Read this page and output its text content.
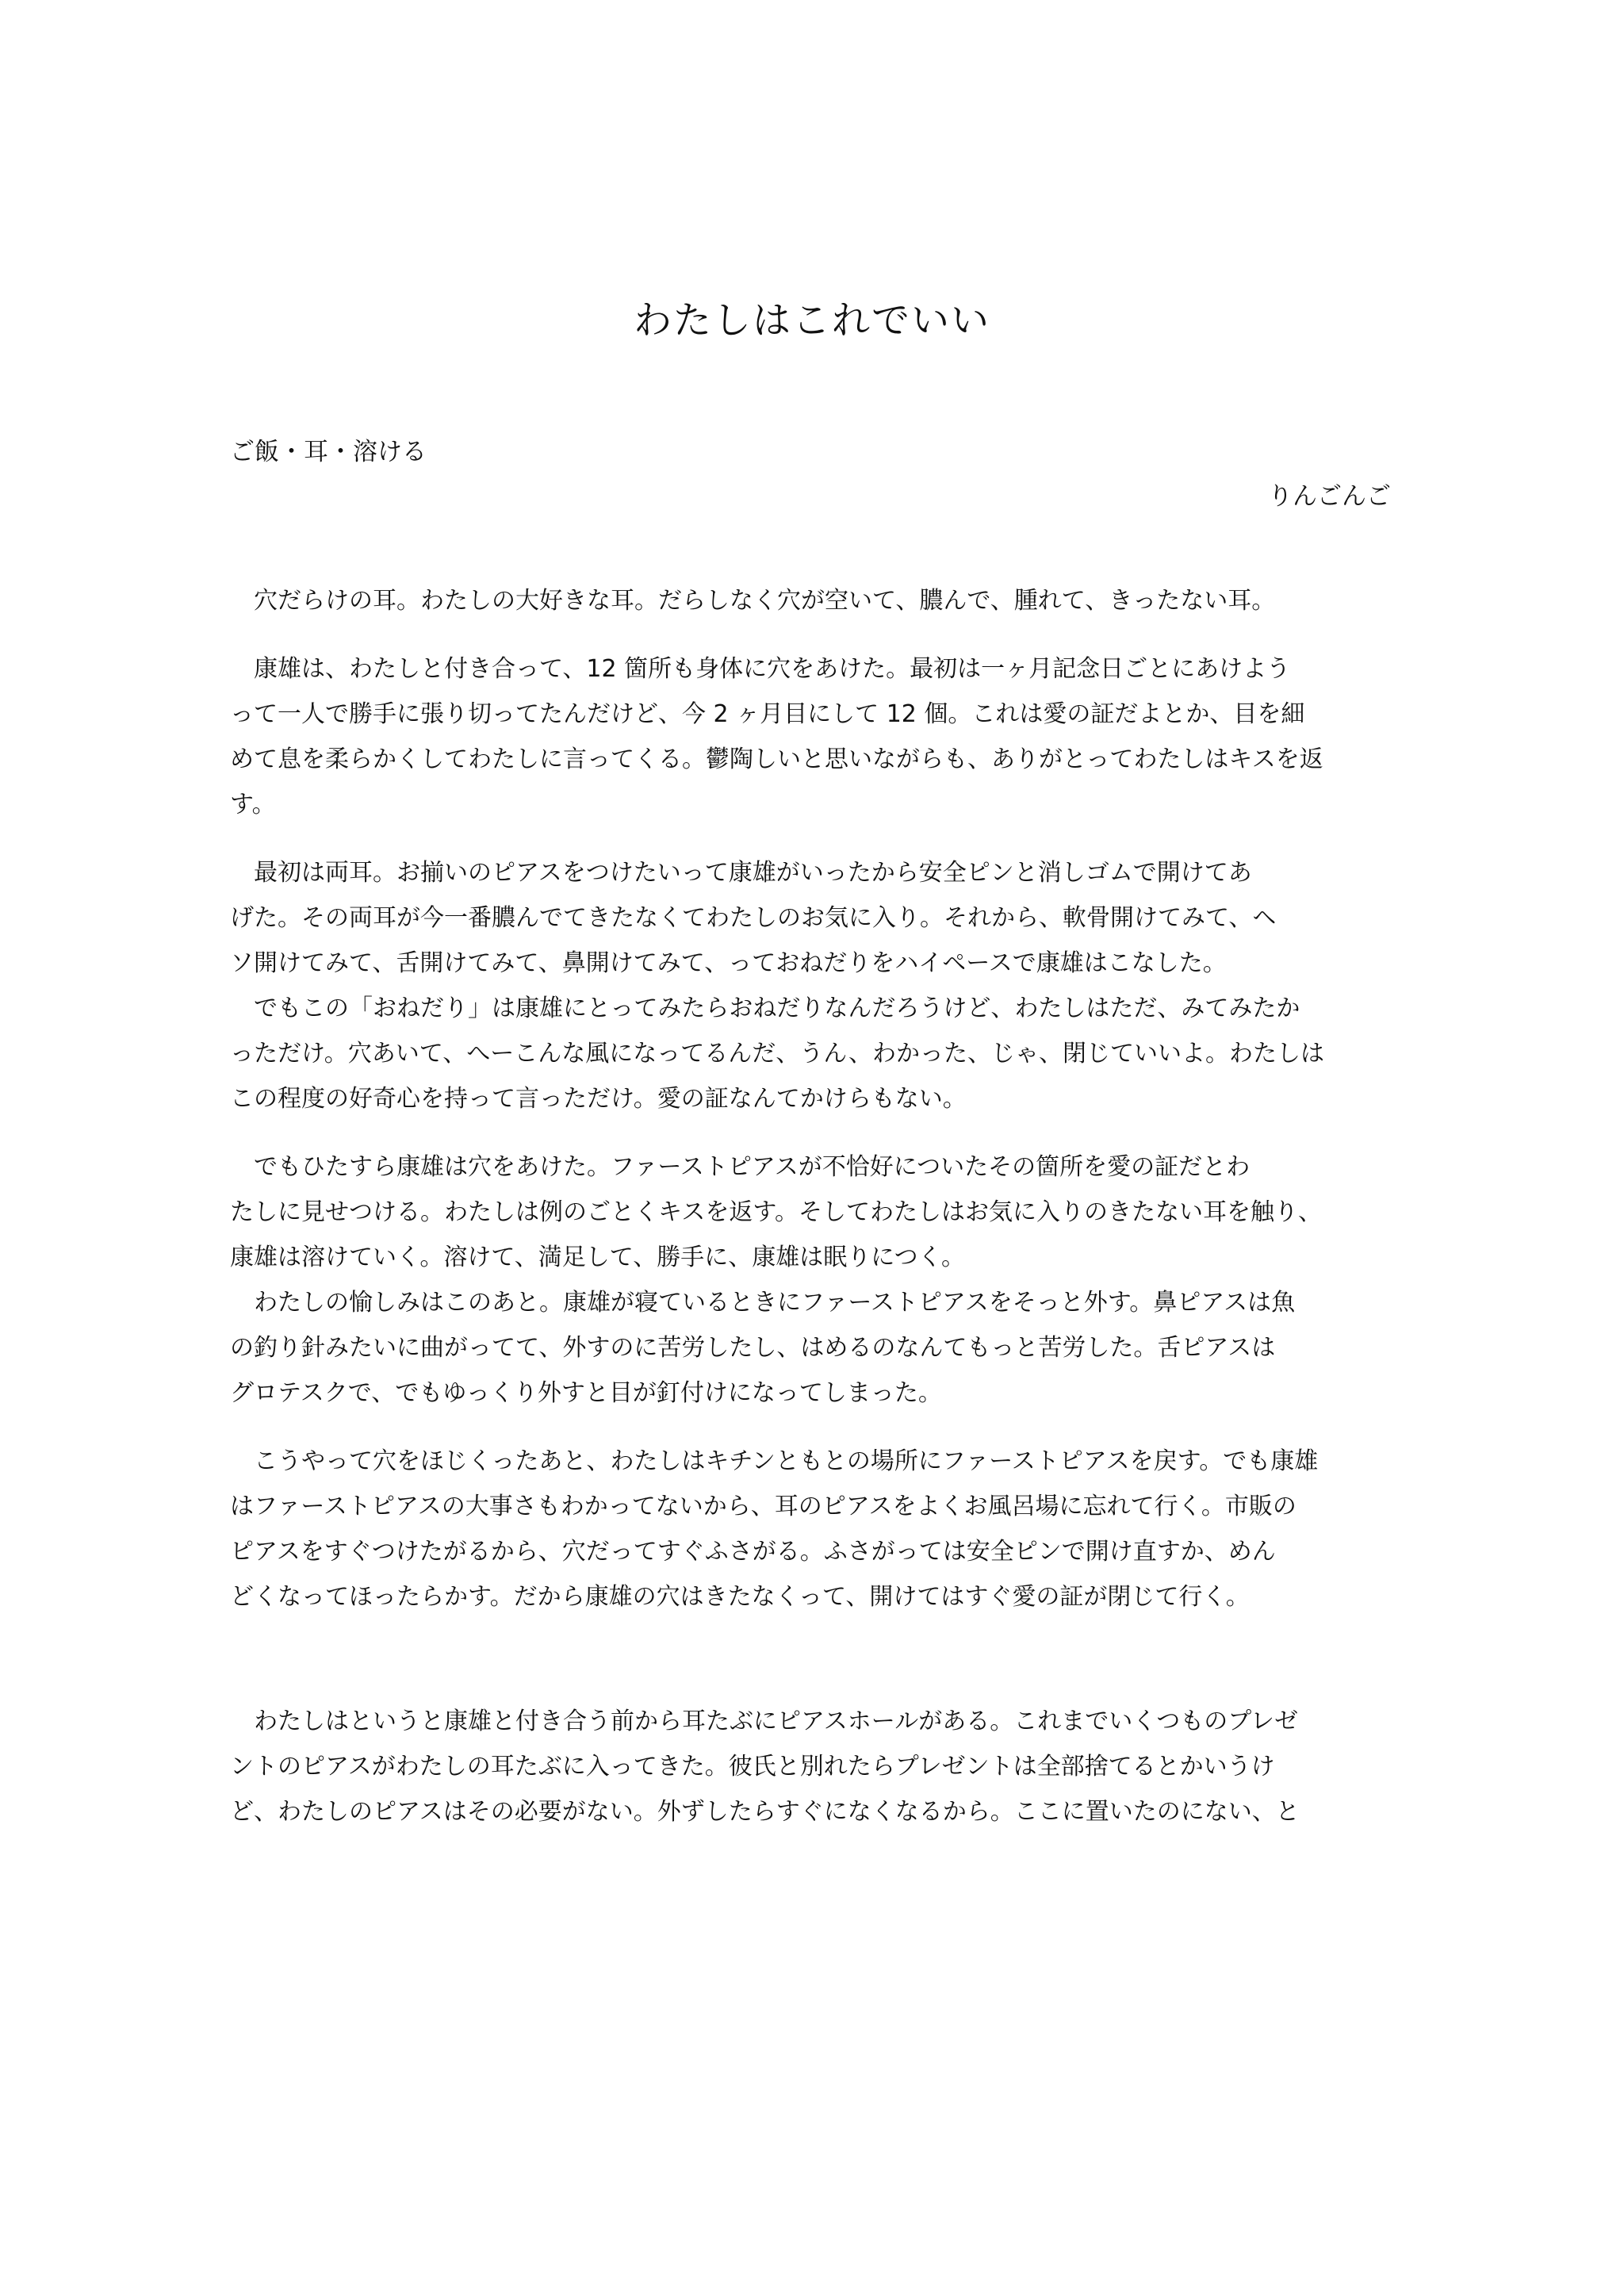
わたしはこれでいい

ご飯・耳・溶ける

りんごんご

　穴だらけの耳。わたしの大好きな耳。だらしなく穴が空いて、膿んで、腫れて、きったない耳。
　康雄は、わたしと付き合って、12 箇所も身体に穴をあけた。最初は一ヶ月記念日ごとにあけよう
って一人で勝手に張り切ってたんだけど、今 2 ヶ月目にして 12 個。これは愛の証だよとか、目を細
めて息を柔らかくしてわたしに言ってくる。鬱陶しいと思いながらも、ありがとってわたしはキスを返
す。
　最初は両耳。お揃いのピアスをつけたいって康雄がいったから安全ピンと消しゴムで開けてあ
げた。その両耳が今一番膿んでてきたなくてわたしのお気に入り。それから、軟骨開けてみて、ヘ
ソ開けてみて、舌開けてみて、鼻開けてみて、っておねだりをハイペースで康雄はこなした。
　でもこの「おねだり」は康雄にとってみたらおねだりなんだろうけど、わたしはただ、みてみたか
っただけ。穴あいて、へーこんな風になってるんだ、うん、わかった、じゃ、閉じていいよ。わたしは
この程度の好奇心を持って言っただけ。愛の証なんてかけらもない。
　でもひたすら康雄は穴をあけた。ファーストピアスが不恰好についたその箇所を愛の証だとわ
たしに見せつける。わたしは例のごとくキスを返す。そしてわたしはお気に入りのきたない耳を触り、
康雄は溶けていく。溶けて、満足して、勝手に、康雄は眠りにつく。
　わたしの愉しみはこのあと。康雄が寝ているときにファーストピアスをそっと外す。鼻ピアスは魚
の釣り針みたいに曲がってて、外すのに苦労したし、はめるのなんてもっと苦労した。舌ピアスは
グロテスクで、でもゆっくり外すと目が釘付けになってしまった。
　こうやって穴をほじくったあと、わたしはキチンともとの場所にファーストピアスを戻す。でも康雄
はファーストピアスの大事さもわかってないから、耳のピアスをよくお風呂場に忘れて行く。市販の
ピアスをすぐつけたがるから、穴だってすぐふさがる。ふさがっては安全ピンで開け直すか、めん
どくなってほったらかす。だから康雄の穴はきたなくって、開けてはすぐ愛の証が閉じて行く。
　わたしはというと康雄と付き合う前から耳たぶにピアスホールがある。これまでいくつものプレゼ
ントのピアスがわたしの耳たぶに入ってきた。彼氏と別れたらプレゼントは全部捨てるとかいうけ
ど、わたしのピアスはその必要がない。外ずしたらすぐになくなるから。ここに置いたのにない、と
